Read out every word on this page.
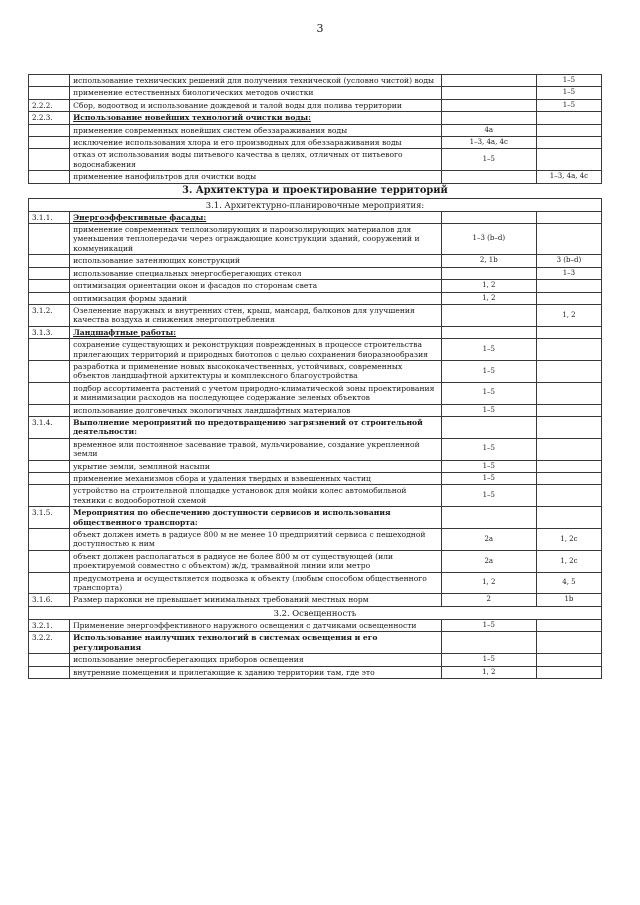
3
	использование технических решений для получения технической (условно чистой) воды		1–5
	применение естественных биологических методов очистки		1–5
2.2.2.	Сбор, водоотвод и использование дождевой и талой воды для полива территории		1–5
2.2.3.	Использование новейших технологий очистки воды:		
	применение современных новейших систем обеззараживания воды	4a	
	исключение использования хлора и его производных для обеззараживания воды	1–3, 4a, 4c	
	отказ от использования воды питьевого качества в целях, отличных от питьевого водоснабжения	1–5	
	применение нанофильтров для очистки воды		1–3, 4a, 4c
3. Архитектура и проектирование территорий			
3.1. Архитектурно-планировочные мероприятия:			
3.1.1.	Энергоэффективные фасады:		
	применение современных теплоизолирующих и пароизолирующих материалов для уменьшения теплопередачи через ограждающие конструкции зданий, сооружений и коммуникаций	1–3 (b–d)	
	использование затеняющих конструкций	2, 1b	3 (b–d)
	использование специальных энергосберегающих стекол		1–3
	оптимизация ориентации окон и фасадов по сторонам света	1, 2	
	оптимизация формы зданий	1, 2	
3.1.2.	Озеленение наружных и внутренних стен, крыш, мансард, балконов для улучшения качества воздуха и снижения энергопотребления		1, 2
3.1.3.	Ландшафтные работы:		
	сохранение существующих и реконструкция поврежденных в процессе строительства прилегающих территорий и природных биотопов с целью сохранения биоразнообразия	1–5	
	разработка и применение новых высококачественных, устойчивых, современных объектов ландшафтной архитектуры и комплексного благоустройства	1–5	
	подбор ассортимента растений с учетом природно-климатической зоны проектирования и минимизации расходов на последующее содержание зеленых объектов	1–5	
	использование долговечных экологичных ландшафтных материалов	1–5	
3.1.4.	Выполнение мероприятий по предотвращению загрязнений от строительной деятельности:		
	временное или постоянное засевание травой, мульчирование, создание укрепленной земли	1–5	
	укрытие земли, земляной насыпи	1–5	
	применение механизмов сбора и удаления твердых и взвешенных частиц	1–5	
	устройство на строительной площадке установок для мойки колес автомобильной техники с водооборотной схемой	1–5	
3.1.5.	Мероприятия по обеспечению доступности сервисов и использования общественного транспорта:		
	объект должен иметь в радиусе 800 м не менее 10 предприятий сервиса с пешеходной доступностью к ним	2a	1, 2c
	объект должен располагаться в радиусе не более 800 м от существующей (или проектируемой совместно с объектом) ж/д, трамвайной линии или метро	2a	1, 2c
	предусмотрена и осуществляется подвозка к объекту (любым способом общественного транспорта)	1, 2	4, 5
3.1.6.	Размер парковки не превышает минимальных требований местных норм	2	1b
3.2. Освещенность			
3.2.1.	Применение энергоэффективного наружного освещения с датчиками освещенности	1–5	
3.2.2.	Использование наилучших технологий в системах освещения и его регулирования		
	использование энергосберегающих приборов освещения	1–5	
	внутренние помещения и прилегающие к зданию территории там, где это	1, 2	
